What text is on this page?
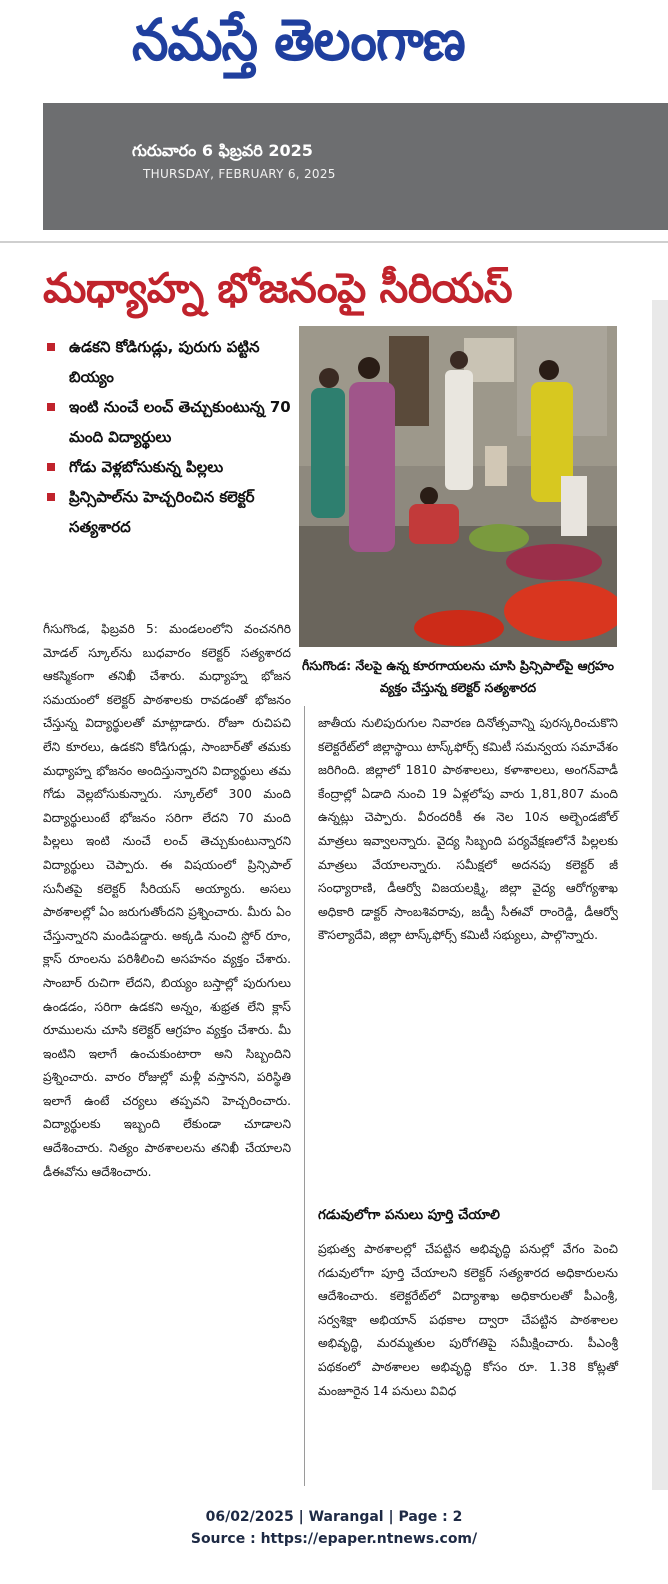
నమస్తే తెలంగాణ
గురువారం 6 ఫిబ్రవరి 2025
THURSDAY, FEBRUARY 6, 2025
మధ్యాహ్న భోజనంపై సీరియస్
ఉడకని కోడిగుడ్లు, పురుగు పట్టిన బియ్యం
ఇంటి నుంచే లంచ్ తెచ్చుకుంటున్న 70 మంది విద్యార్థులు
గోడు వెళ్లబోసుకున్న పిల్లలు
ప్రిన్సిపాల్‌ను హెచ్చరించిన కలెక్టర్ సత్యశారద
గీసుగొండ: నేలపై ఉన్న కూరగాయలను చూసి ప్రిన్సిపాల్‌పై ఆగ్రహం వ్యక్తం చేస్తున్న కలెక్టర్ సత్యశారద
గీసుగొండ, ఫిబ్రవరి 5: మండలంలోని వంచనగిరి మోడల్ స్కూల్‌ను బుధవారం కలెక్టర్ సత్యశారద ఆకస్మికంగా తనిఖీ చేశారు. మధ్యాహ్న భోజన సమయంలో కలెక్టర్ పాఠశాలకు రావడంతో భోజనం చేస్తున్న విద్యార్థులతో మాట్లాడారు. రోజూ రుచిపచి లేని కూరలు, ఉడకని కోడిగుడ్లు, సాంబార్‌తో తమకు మధ్యాహ్న భోజనం అందిస్తున్నారని విద్యార్థులు తమ గోడు వెల్లబోసుకున్నారు. స్కూల్‌లో 300 మంది విద్యార్థులుంటే భోజనం సరిగా లేదని 70 మంది పిల్లలు ఇంటి నుంచే లంచ్ తెచ్చుకుంటున్నారని విద్యార్థులు చెప్పారు. ఈ విషయంలో ప్రిన్సిపాల్ సునీతపై కలెక్టర్ సీరియస్ అయ్యారు. అసలు పాఠశాలల్లో ఏం జరుగుతోందని ప్రశ్నించారు. మీరు ఏం చేస్తున్నారని మండిపడ్డారు. అక్కడి నుంచి స్టోర్ రూం, క్లాస్ రూంలను పరిశీలించి అసహనం వ్యక్తం చేశారు. సాంబార్ రుచిగా లేదని, బియ్యం బస్తాల్లో పురుగులు ఉండడం, సరిగా ఉడకని అన్నం, శుభ్రత లేని క్లాస్ రూములను చూసి కలెక్టర్ ఆగ్రహం వ్యక్తం చేశారు. మీ ఇంటిని ఇలాగే ఉంచుకుంటారా అని సిబ్బందిని ప్రశ్నించారు. వారం రోజుల్లో మళ్లీ వస్తానని, పరిస్థితి ఇలాగే ఉంటే చర్యలు తప్పవని హెచ్చరించారు. విద్యార్థులకు ఇబ్బంది లేకుండా చూడాలని ఆదేశించారు. నిత్యం పాఠశాలలను తనిఖీ చేయాలని డీఈవోను ఆదేశించారు.
జాతీయ నులిపురుగుల నివారణ దినోత్సవాన్ని పురస్కరించుకొని కలెక్టరేట్‌లో జిల్లాస్థాయి టాస్క్‌ఫోర్స్ కమిటీ సమన్వయ సమావేశం జరిగింది. జిల్లాలో 1810 పాఠశాలలు, కళాశాలలు, అంగన్‌వాడీ కేంద్రాల్లో ఏడాది నుంచి 19 ఏళ్లలోపు వారు 1,81,807 మంది ఉన్నట్లు చెప్పారు. వీరందరికీ ఈ నెల 10న అల్బెండజోల్ మాత్రలు ఇవ్వాలన్నారు. వైద్య సిబ్బంది పర్యవేక్షణలోనే పిల్లలకు మాత్రలు వేయాలన్నారు. సమీక్షలో అదనపు కలెక్టర్ జీ సంధ్యారాణి, డీఆర్వో విజయలక్ష్మి, జిల్లా వైద్య ఆరోగ్యశాఖ అధికారి డాక్టర్ సాంబశివరావు, జడ్పీ సీఈవో రాంరెడ్డి, డీఆర్వో కౌసల్యాదేవి, జిల్లా టాస్క్‌ఫోర్స్ కమిటీ సభ్యులు, పాల్గొన్నారు.
గడువులోగా పనులు పూర్తి చేయాలి
ప్రభుత్వ పాఠశాలల్లో చేపట్టిన అభివృద్ధి పనుల్లో వేగం పెంచి గడువులోగా పూర్తి చేయాలని కలెక్టర్ సత్యశారద అధికారులను ఆదేశించారు. కలెక్టరేట్‌లో విద్యాశాఖ అధికారులతో పీఎంశ్రీ, సర్వశిక్షా అభియాన్ పథకాల ద్వారా చేపట్టిన పాఠశాలల అభివృద్ధి, మరమ్మతుల పురోగతిపై సమీక్షించారు. పీఎంశ్రీ పథకంలో పాఠశాలల అభివృద్ధి కోసం రూ. 1.38 కోట్లతో మంజూరైన 14 పనులు వివిధ
06/02/2025 | Warangal | Page : 2
Source : https://epaper.ntnews.com/
